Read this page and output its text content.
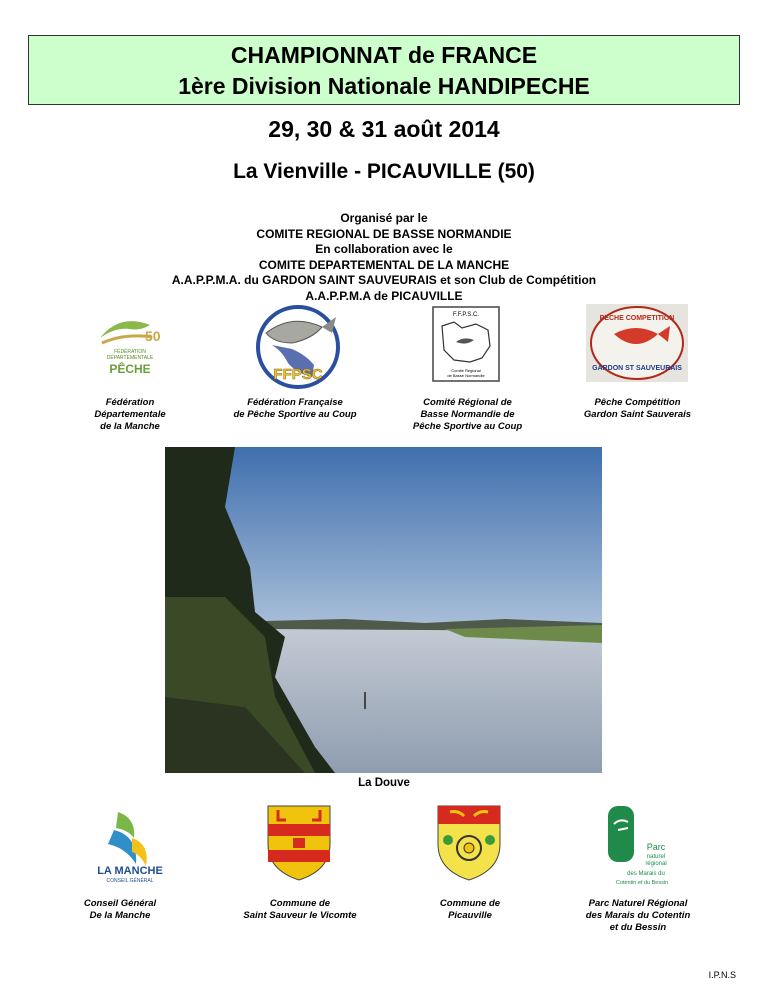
CHAMPIONNAT de FRANCE
1ère Division Nationale HANDIPECHE
29, 30 & 31 août 2014
La Vienville - PICAUVILLE (50)
Organisé par le
COMITE REGIONAL DE BASSE NORMANDIE
En collaboration avec le
COMITE DEPARTEMENTAL DE LA MANCHE
A.A.P.P.M.A. du GARDON SAINT SAUVEURAIS et son Club de Compétition
A.A.P.P.M.A de PICAUVILLE
50
FÉDÉRATION
DÉPARTEMENTALE
PÊCHE	FFPSC
F.F.P.S.C.
Comité Régional
de Basse Normandie
PECHE COMPETITION
GARDON ST SAUVEURAIS
Fédération
Départementale
de la Manche
Fédération Française
de Pêche Sportive au Coup
Comité Régional de
Basse Normandie de
Pêche Sportive au Coup
Pêche Compétition
Gardon Saint Sauverais
La Douve
LA MANCHE
CONSEIL GÉNÉRAL
Parc
naturel
régional
des Marais du
Cotentin et du Bessin
Conseil Général
De la Manche
Commune de
Saint Sauveur le Vicomte
Commune de
Picauville
Parc Naturel Régional
des Marais du Cotentin
et du Bessin
I.P.N.S
